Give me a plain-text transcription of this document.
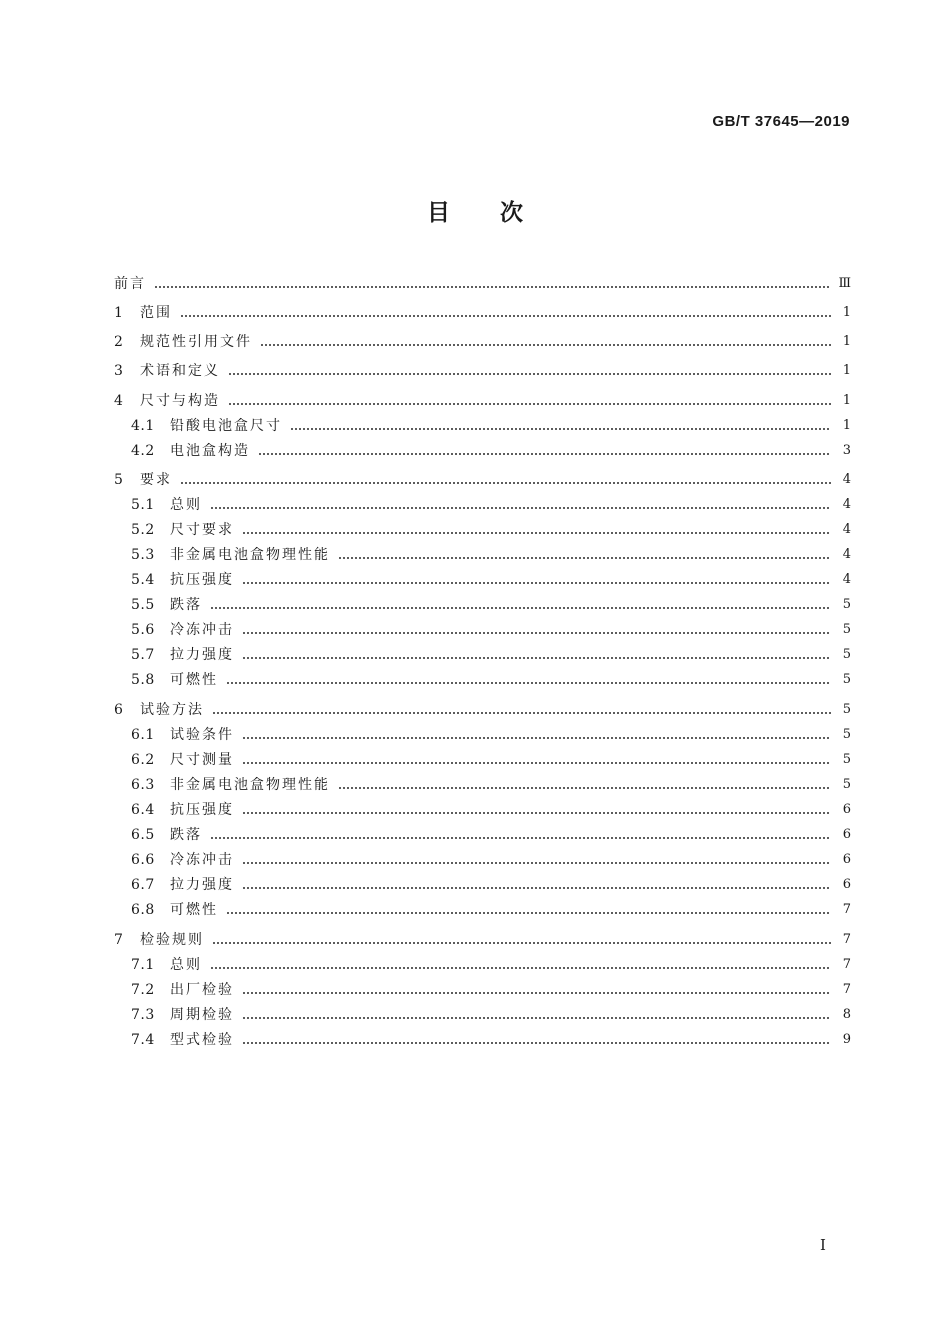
GB/T 37645—2019
目 次
前言	Ⅲ
1	范围	1
2	规范性引用文件	1
3	术语和定义	1
4	尺寸与构造	1
4.1	铅酸电池盒尺寸	1
4.2	电池盒构造	3
5	要求	4
5.1	总则	4
5.2	尺寸要求	4
5.3	非金属电池盒物理性能	4
5.4	抗压强度	4
5.5	跌落	5
5.6	冷冻冲击	5
5.7	拉力强度	5
5.8	可燃性	5
6	试验方法	5
6.1	试验条件	5
6.2	尺寸测量	5
6.3	非金属电池盒物理性能	5
6.4	抗压强度	6
6.5	跌落	6
6.6	冷冻冲击	6
6.7	拉力强度	6
6.8	可燃性	7
7	检验规则	7
7.1	总则	7
7.2	出厂检验	7
7.3	周期检验	8
7.4	型式检验	9
Ⅰ
